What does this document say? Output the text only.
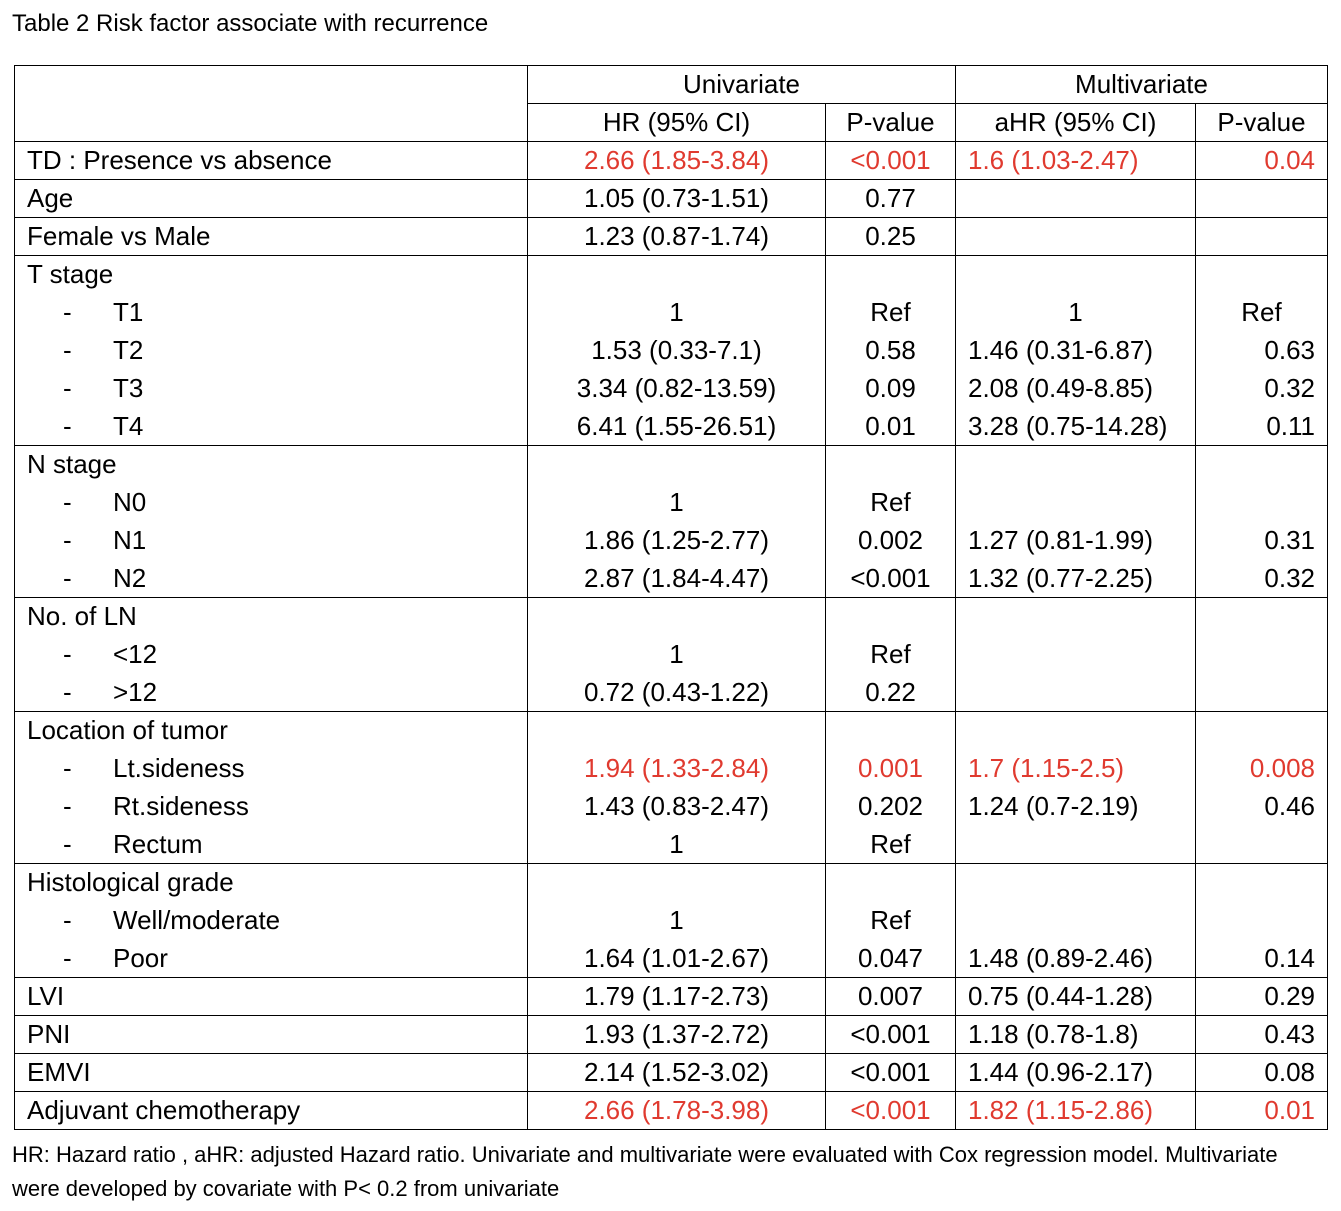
Table 2 Risk factor associate with recurrence
	Univariate		Multivariate	
	HR (95% CI)	P-value	aHR (95% CI)	P-value
TD : Presence vs absence	2.66 (1.85-3.84)	<0.001	1.6 (1.03-2.47)	0.04
Age	1.05 (0.73-1.51)	0.77		
Female vs Male	1.23 (0.87-1.74)	0.25		
T stage				
- T1	1	Ref	1	Ref
- T2	1.53 (0.33-7.1)	0.58	1.46 (0.31-6.87)	0.63
- T3	3.34 (0.82-13.59)	0.09	2.08 (0.49-8.85)	0.32
- T4	6.41 (1.55-26.51)	0.01	3.28 (0.75-14.28)	0.11
N stage				
- N0	1	Ref		
- N1	1.86 (1.25-2.77)	0.002	1.27 (0.81-1.99)	0.31
- N2	2.87 (1.84-4.47)	<0.001	1.32 (0.77-2.25)	0.32
No. of LN				
- <12	1	Ref		
- >12	0.72 (0.43-1.22)	0.22		
Location of tumor				
- Lt.sideness	1.94 (1.33-2.84)	0.001	1.7 (1.15-2.5)	0.008
- Rt.sideness	1.43 (0.83-2.47)	0.202	1.24 (0.7-2.19)	0.46
- Rectum	1	Ref		
Histological grade				
- Well/moderate	1	Ref		
- Poor	1.64 (1.01-2.67)	0.047	1.48 (0.89-2.46)	0.14
LVI	1.79 (1.17-2.73)	0.007	0.75 (0.44-1.28)	0.29
PNI	1.93 (1.37-2.72)	<0.001	1.18 (0.78-1.8)	0.43
EMVI	2.14 (1.52-3.02)	<0.001	1.44 (0.96-2.17)	0.08
Adjuvant chemotherapy	2.66 (1.78-3.98)	<0.001	1.82 (1.15-2.86)	0.01
HR: Hazard ratio , aHR: adjusted Hazard ratio. Univariate and multivariate were evaluated with Cox regression model. Multivariate were developed by covariate with P< 0.2 from univariate
